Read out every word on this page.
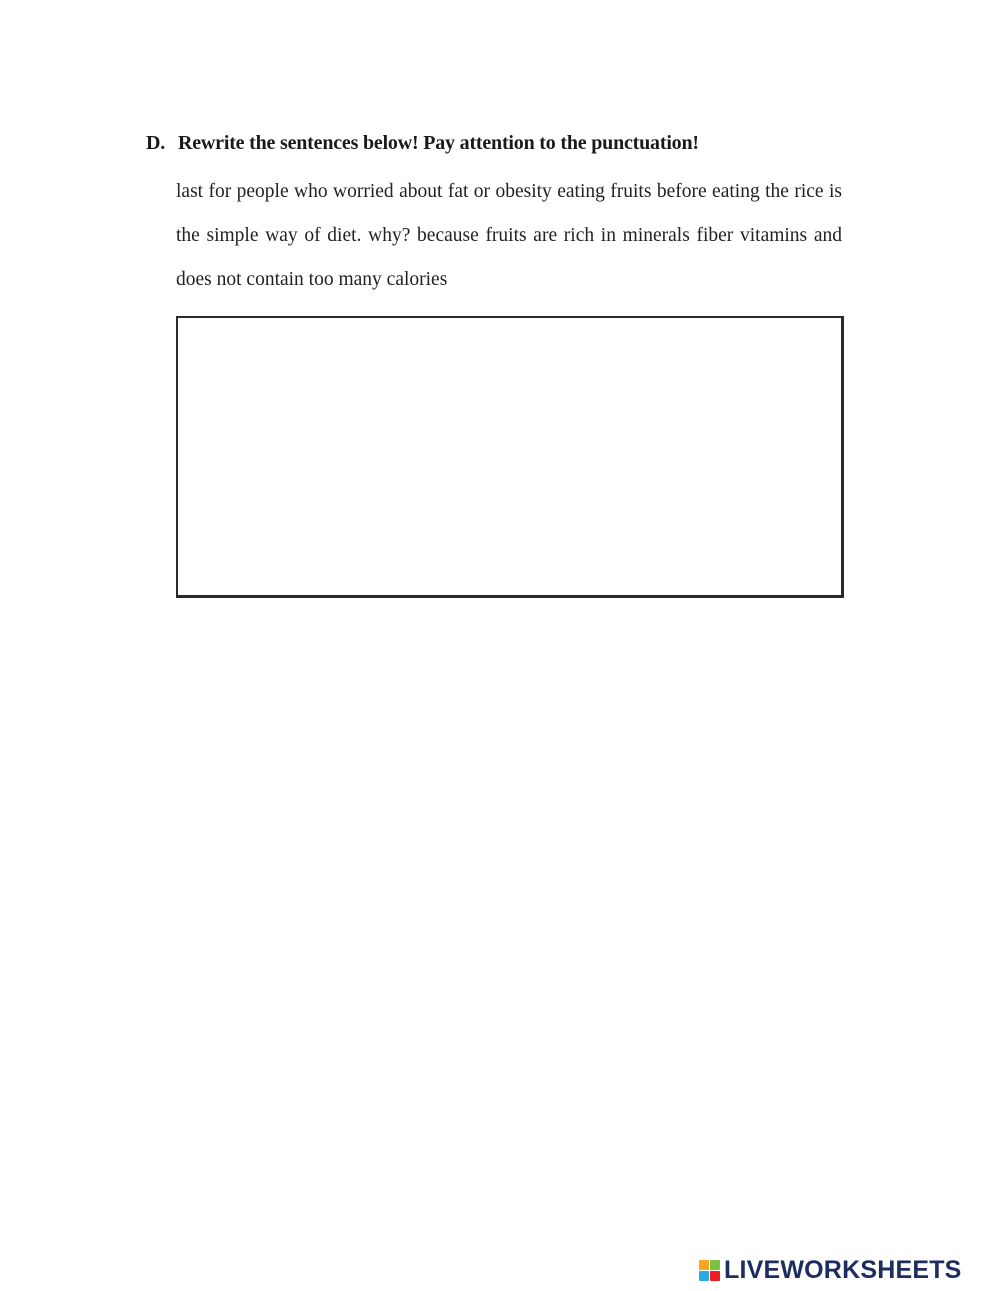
D. Rewrite the sentences below! Pay attention to the punctuation!
last for people who worried about fat or obesity eating fruits before eating the rice is
the simple way of diet. why? because fruits are rich in minerals fiber vitamins and
does not contain too many calories
LIVEWORKSHEETS
